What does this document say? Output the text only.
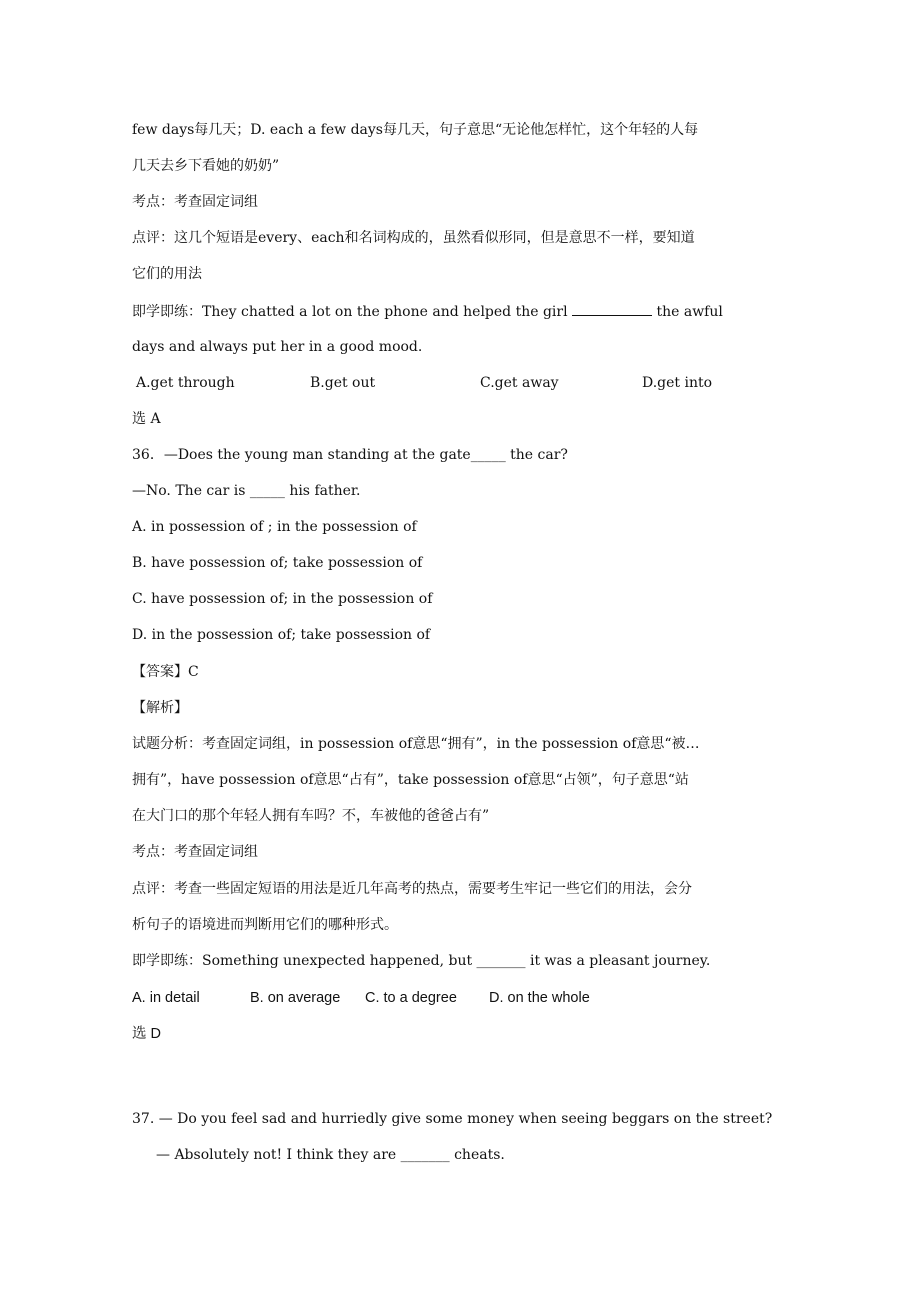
few days每几天；D. each a few days每几天，句子意思“无论他怎样忙，这个年轻的人每
几天去乡下看她的奶奶”
考点：考查固定词组
点评：这几个短语是every、each和名词构成的，虽然看似形同，但是意思不一样，要知道
它们的用法
即学即练：They chatted a lot on the phone and helped the girl	the awful
days and always put her in a good mood.
A.get through	B.get out	C.get away	D.get into
选 A
36．—Does the young man standing at the gate_____ the car?
—No. The car is _____ his father.
A. in possession of ; in the possession of
B. have possession of; take possession of
C. have possession of; in the possession of
D. in the possession of; take possession of
【答案】C
【解析】
试题分析：考查固定词组，in possession of意思“拥有”，in the possession of意思“被…
拥有”，have possession of意思“占有”，take possession of意思“占领”，句子意思“站
在大门口的那个年轻人拥有车吗？不，车被他的爸爸占有”
考点：考查固定词组
点评：考查一些固定短语的用法是近几年高考的热点，需要考生牢记一些它们的用法，会分
析句子的语境进而判断用它们的哪种形式。
即学即练：Something unexpected happened, but _______ it was a pleasant journey.
A. in detail	B. on average C. to a degree D. on the whole
选 D
37. — Do you feel sad and hurriedly give some money when seeing beggars on the street?
— Absolutely not! I think they are _______ cheats.
